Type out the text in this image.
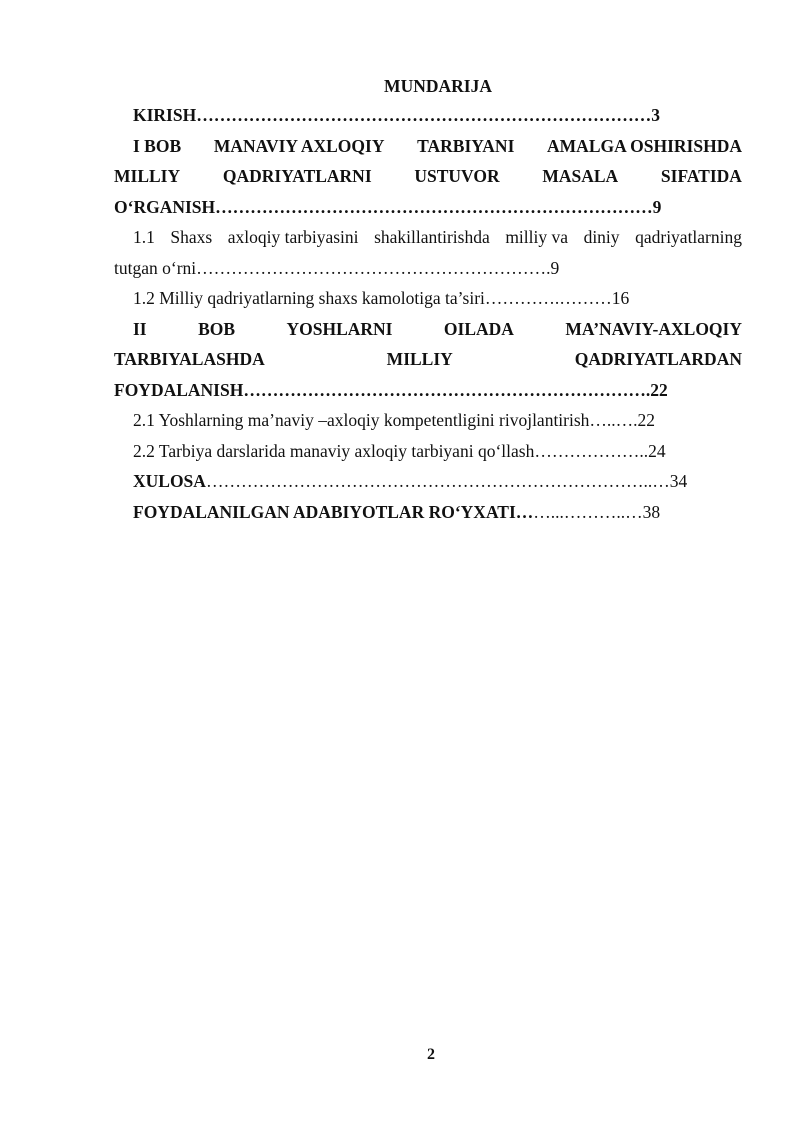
MUNDARIJA
KIRISH……………………………………………………………………3
I BOB MANAVIY AXLOQIY TARBIYANI AMALGA OSHIRISHDA
MILLIY QADRIYATLARNI USTUVOR MASALA SIFATIDA
O‘RGANISH…………………………………………………………………9
1.1 Shaxs axloqiy tarbiyasini shakillantirishda milliy va diniy qadriyatlarning
tutgan o‘rni…………………………………………………….9
1.2 Milliy qadriyatlarning shaxs kamolotiga ta’siri………….………16
II	BOB	YOSHLARNI	OILADA	MA’NAVIY-AXLOQIY
TARBIYALASHDA	MILLIY	QADRIYATLARDAN
FOYDALANISH…………………………………………………………….22
2.1 Yoshlarning ma’naviy –axloqiy kompetentligini rivojlantirish…..….22
2.2 Tarbiya darslarida manaviy axloqiy tarbiyani qo‘llash………………..24
XULOSA…………………………………………………………………..…34
FOYDALANILGAN ADABIYOTLAR RO‘YXATI……...………..…38
2
